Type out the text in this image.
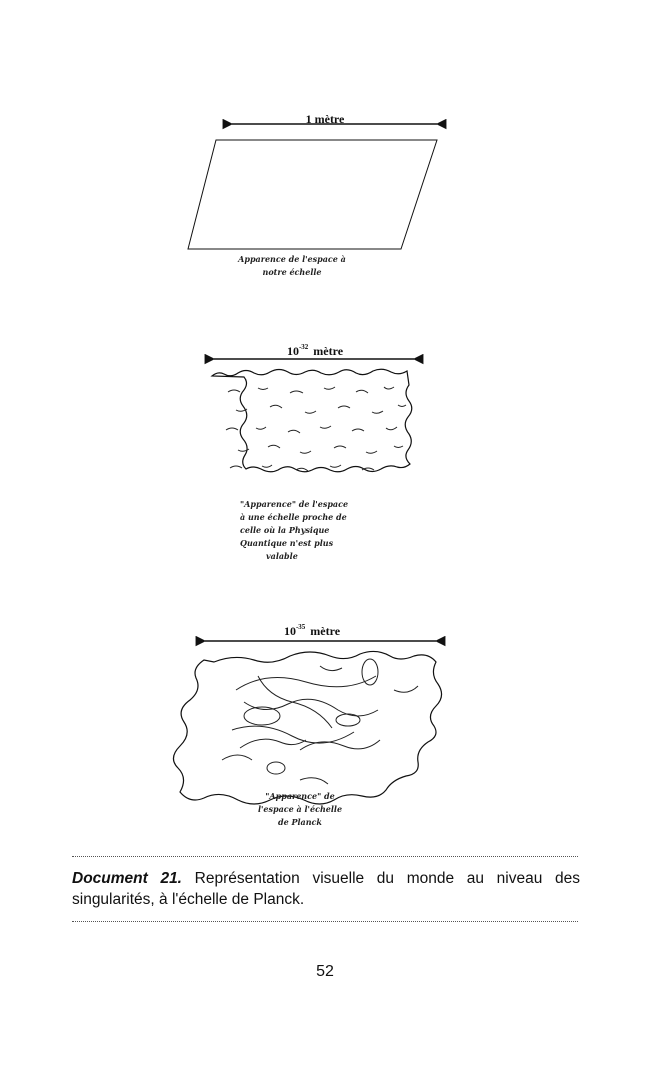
1 mètre
Apparence de l'espace à
notre échelle
$10^{-32}$ mètre
"Apparence" de l'espace
à une échelle proche de
celle où la Physique
Quantique n'est plus
valable
$10^{-35}$ mètre
"Apparence" de
l'espace à l'échelle
de Planck
Document 21. Représentation visuelle du monde au niveau des singularités, à l'échelle de Planck.
52
